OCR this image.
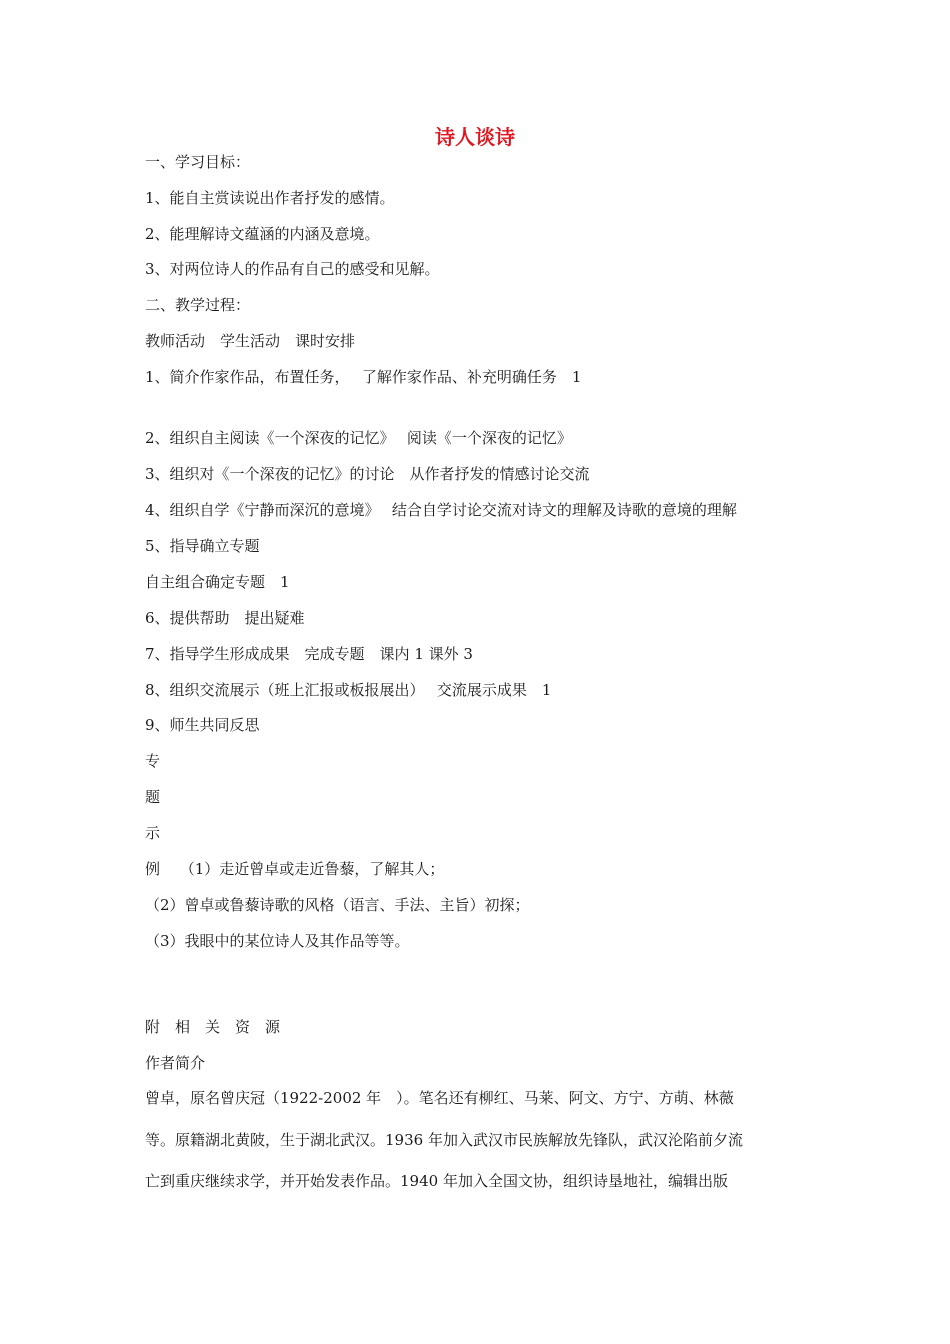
诗人谈诗
一、学习目标：
1、能自主赏读说出作者抒发的感情。
2、能理解诗文蕴涵的内涵及意境。
3、对两位诗人的作品有自己的感受和见解。
二、教学过程：
教师活动　学生活动　课时安排
1、简介作家作品，布置任务，　 了解作家作品、补充明确任务　1
2、组织自主阅读《一个深夜的记忆》　 阅读《一个深夜的记忆》
3、组织对《一个深夜的记忆》的讨论　从作者抒发的情感讨论交流
4、组织自学《宁静而深沉的意境》　 结合自学讨论交流对诗文的理解及诗歌的意境的理解
5、指导确立专题
自主组合确定专题　1
6、提供帮助　提出疑难
7、指导学生形成成果　完成专题　课内 1 课外 3
8、组织交流展示（班上汇报或板报展出）　 交流展示成果　1
9、师生共同反思
专
题
示
例　 （1）走近曾卓或走近鲁藜，了解其人；
（2）曾卓或鲁藜诗歌的风格（语言、手法、主旨）初探；
（3）我眼中的某位诗人及其作品等等。
附　相　关　资　源
作者简介
曾卓，原名曾庆冠（1922-2002 年　）。笔名还有柳红、马莱、阿文、方宁、方萌、林薇
等。原籍湖北黄陂，生于湖北武汉。1936 年加入武汉市民族解放先锋队，武汉沦陷前夕流
亡到重庆继续求学，并开始发表作品。1940 年加入全国文协，组织诗垦地社，编辑出版
